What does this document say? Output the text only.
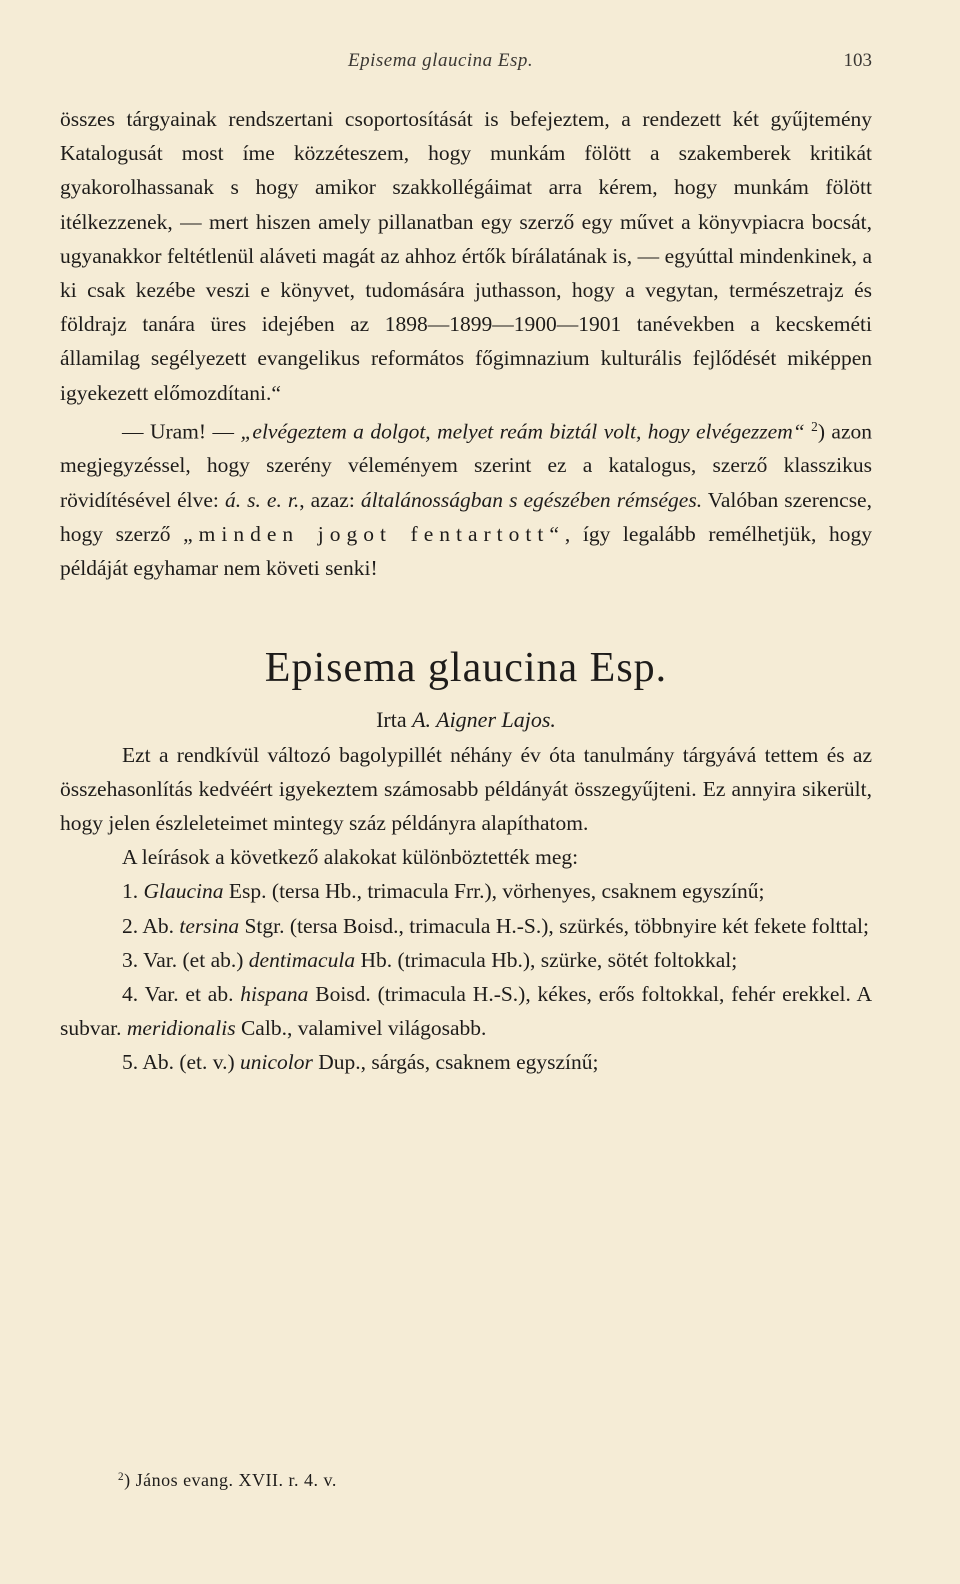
Episema glaucina Esp.	103

összes tárgyainak rendszertani csoportosítását is befejeztem, a rendezett két gyűjtemény Katalogusát most íme közzéteszem, hogy munkám fölött a szakemberek kritikát gyakorolhassanak s hogy amikor szakkollégáimat arra kérem, hogy munkám fölött itélkezzenek, — mert hiszen amely pillanatban egy szerző egy művet a könyvpiacra bocsát, ugyanakkor feltétlenül aláveti magát az ahhoz értők bírálatának is, — egyúttal mindenkinek, a ki csak kezébe veszi e könyvet, tudomására juthasson, hogy a vegytan, természetrajz és földrajz tanára üres idejében az 1898—1899—1900—1901 tanévekben a kecskeméti államilag segélyezett evangelikus reformátos főgimnazium kulturális fejlődését miképpen igyekezett előmozdítani.“

— Uram! — „elvégeztem a dolgot, melyet reám biztál volt, hogy elvégezzem“ $^2$) azon megjegyzéssel, hogy szerény véleményem szerint ez a katalogus, szerző klasszikus rövidítésével élve: á. s. e. r., azaz: általánosságban s egészében rémséges. Valóban szerencse, hogy szerző „minden jogot fentartott“, így legalább remélhetjük, hogy példáját egyhamar nem követi senki!

Episema glaucina Esp.

Irta A. Aigner Lajos.

Ezt a rendkívül változó bagolypillét néhány év óta tanulmány tárgyává tettem és az összehasonlítás kedvéért igyekeztem számosabb példányát összegyűjteni. Ez annyira sikerült, hogy jelen észleleteimet mintegy száz példányra alapíthatom.

A leírások a következő alakokat különböztették meg:

1. Glaucina Esp. (tersa Hb., trimacula Frr.), vörhenyes, csaknem egyszínű;

2. Ab. tersina Stgr. (tersa Boisd., trimacula H.-S.), szürkés, többnyire két fekete folttal;

3. Var. (et ab.) dentimacula Hb. (trimacula Hb.), szürke, sötét foltokkal;

4. Var. et ab. hispana Boisd. (trimacula H.-S.), kékes, erős foltokkal, fehér erekkel. A subvar. meridionalis Calb., valamivel világosabb.

5. Ab. (et. v.) unicolor Dup., sárgás, csaknem egyszínű;

$^2$) János evang. XVII. r. 4. v.
